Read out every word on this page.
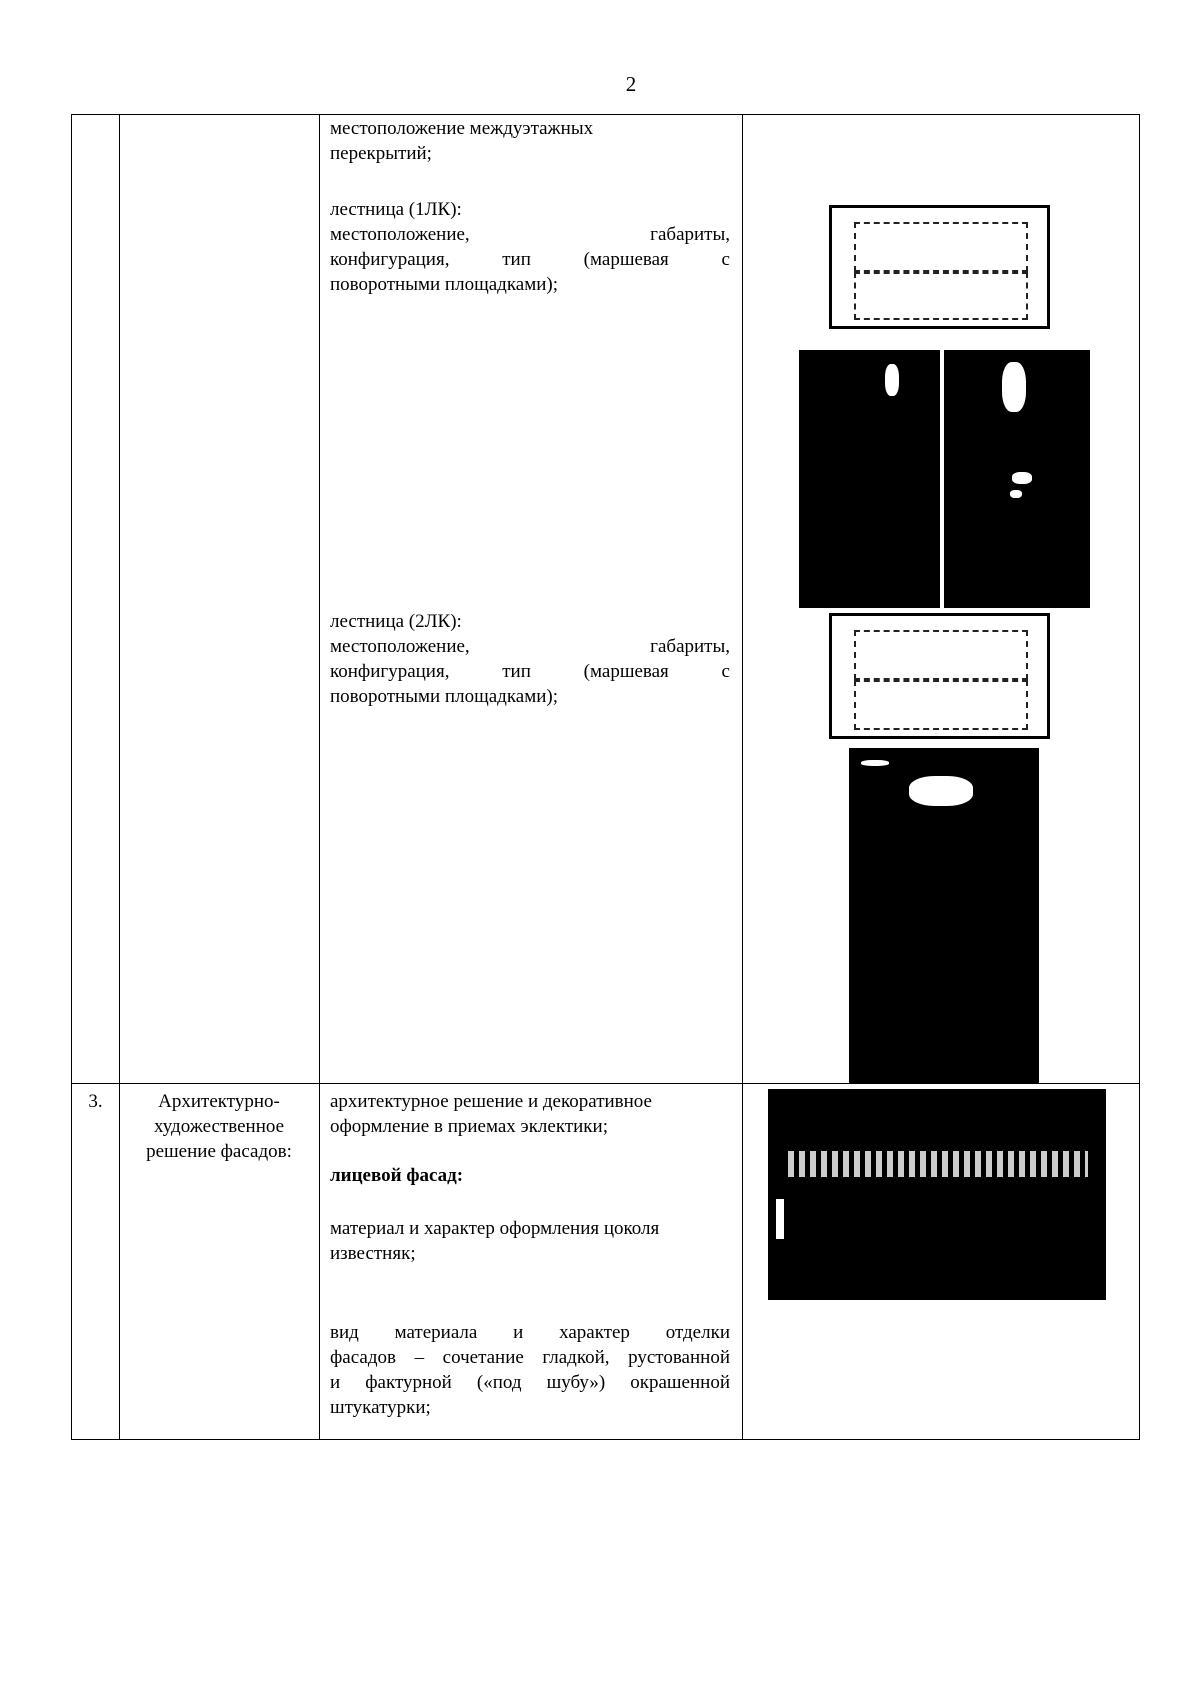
2
местоположение междуэтажных
перекрытий;
лестница (1ЛК):
местоположение, габариты,
конфигурация, тип (маршевая с
поворотными площадками);
лестница (2ЛК):
местоположение, габариты,
конфигурация, тип (маршевая с
поворотными площадками);
3.	Архитектурно-
художественное
решение фасадов:
архитектурное решение и декоративное
оформление в приемах эклектики;
лицевой фасад:
материал и характер оформления цоколя
известняк;
вид материала и характер отделки
фасадов – сочетание гладкой, рустованной
и фактурной («под шубу») окрашенной
штукатурки;
